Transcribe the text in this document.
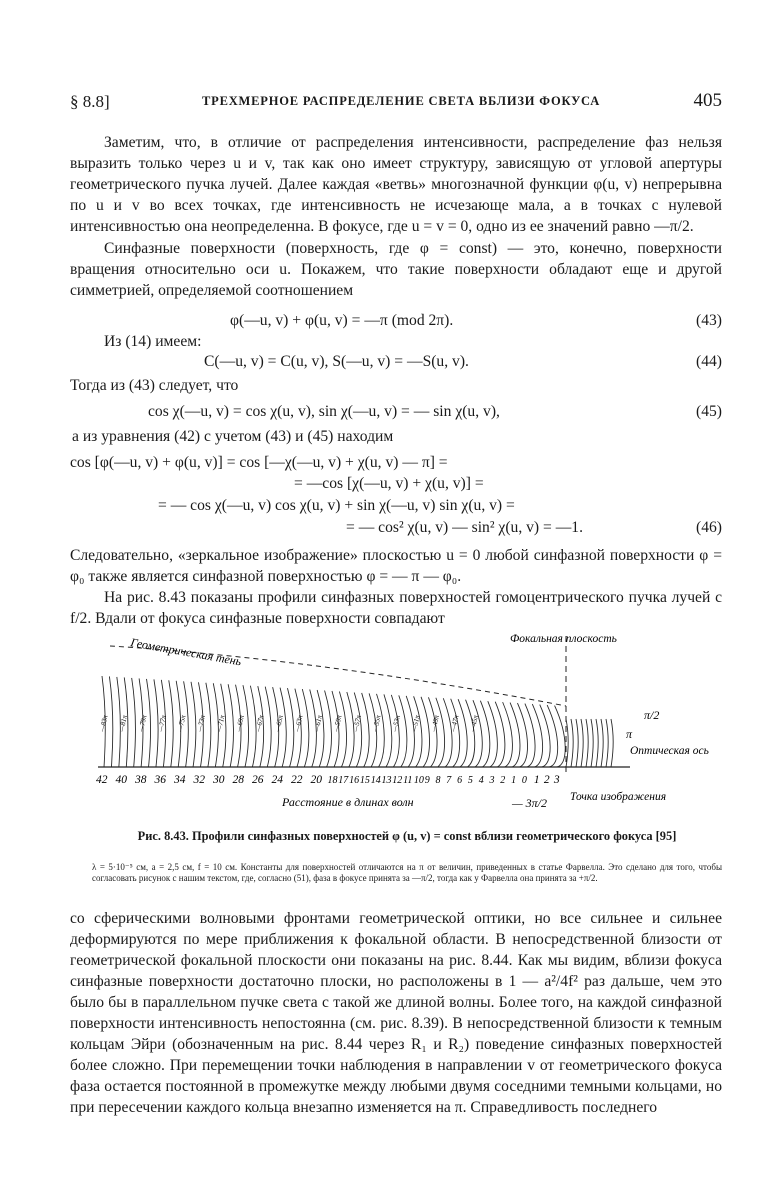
§ 8.8]	ТРЕХМЕРНОЕ РАСПРЕДЕЛЕНИЕ СВЕТА ВБЛИЗИ ФОКУСА	405

Заметим, что, в отличие от распределения интенсивности, распределение фаз нельзя выразить только через u и v, так как оно имеет структуру, зависящую от угловой апертуры геометрического пучка лучей. Далее каждая «ветвь» многозначной функции φ(u, v) непрерывна по u и v во всех точках, где интенсивность не исчезающе мала, а в точках с нулевой интенсивностью она неопределенна. В фокусе, где u = v = 0, одно из ее значений равно —π/2.

Синфазные поверхности (поверхность, где φ = const) — это, конечно, поверхности вращения относительно оси u. Покажем, что такие поверхности обладают еще и другой симметрией, определяемой соотношением

φ(—u, v) + φ(u, v) = —π (mod 2π).	(43)
Из (14) имеем:
C(—u, v) = C(u, v), S(—u, v) = —S(u, v).	(44)
Тогда из (43) следует, что
cos χ(—u, v) = cos χ(u, v), sin χ(—u, v) = — sin χ(u, v),	(45)
а из уравнения (42) с учетом (43) и (45) находим
cos [φ(—u, v) + φ(u, v)] = cos [—χ(—u, v) + χ(u, v) — π] =
= —cos [χ(—u, v) + χ(u, v)] =
= — cos χ(—u, v) cos χ(u, v) + sin χ(—u, v) sin χ(u, v) =
= — cos² χ(u, v) — sin² χ(u, v) = —1.	(46)

Следовательно, «зеркальное изображение» плоскостью u = 0 любой синфазной поверхности φ = φ₀ также является синфазной поверхностью φ = — π — φ₀.

На рис. 8.43 показаны профили синфазных поверхностей гомоцентрического пучка лучей с f/2. Вдали от фокуса синфазные поверхности совпадают

—83π —81π —79π —77π —75π —73π —71π —69π —67π —65π —63π —61π —59π —57π —55π —53π —51π —49π —47π —45π
42 40 38 36 34 32 30 28 26 24 22 20 18 17 16 15 14 13 12 11 10 9 8 7 6 5 4 3 2 1 0 1 2 3
Геометрическая тень	Фокальная плоскость
Оптическая ось
Расстояние в длинах волн	Точка изображения
— 3π/2
π/2
π
Рис. 8.43. Профили синфазных поверхностей φ (u, v) = const вблизи геометрического фокуса [95]
λ = 5·10⁻⁵ см, a = 2,5 см, f = 10 см. Константы для поверхностей отличаются на π от величин, приведенных в статье Фарвелла. Это сделано для того, чтобы согласовать рисунок с нашим текстом, где, согласно (51), фаза в фокусе принята за —π/2, тогда как у Фарвелла она принята за +π/2.

со сферическими волновыми фронтами геометрической оптики, но все сильнее и сильнее деформируются по мере приближения к фокальной области. В непосредственной близости от геометрической фокальной плоскости они показаны на рис. 8.44. Как мы видим, вблизи фокуса синфазные поверхности достаточно плоски, но расположены в 1 — a²/4f² раз дальше, чем это было бы в параллельном пучке света с такой же длиной волны. Более того, на каждой синфазной поверхности интенсивность непостоянна (см. рис. 8.39). В непосредственной близости к темным кольцам Эйри (обозначенным на рис. 8.44 через R₁ и R₂) поведение синфазных поверхностей более сложно. При перемещении точки наблюдения в направлении v от геометрического фокуса фаза остается постоянной в промежутке между любыми двумя соседними темными кольцами, но при пересечении каждого кольца внезапно изменяется на π. Справедливость последнего
